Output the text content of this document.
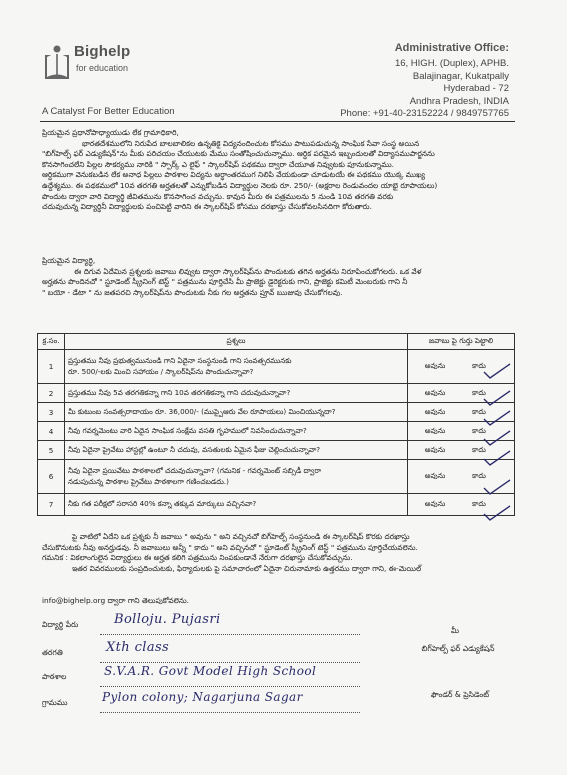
Bighelp
for education
A Catalyst For Better Education
Administrative Office:
16, HIGH. (Duplex), APHB.
Balajinagar, Kukatpally
Hyderabad - 72
Andhra Pradesh, INDIA
Phone: +91-40-23152224 / 9849757765
ప్రియమైన ప్రధానోపాధ్యాయుడు లేక గ్రామాధికారి,
భారతదేశములోని నిరుపేద బాలబాలికల ఉన్నతికై విద్యనందించుట కోసము పాటుపడుచున్న సాంఘిక సేవా సంస్థ అయిన
"బిగ్‌హెల్ప్ ఫర్ ఎడ్యుకేషన్"ను మీకు పరిచయం చేయుటకు మేము సంతోషించుచున్నాము. ఆర్థిక పరమైన ఇబ్బందులతో విద్యాసముపార్జనను
కొనసాగించలేని పిల్లల సౌకర్యము నారికి " స్పార్క్ ఎ లైఫ్ " స్కాలర్‌షిప్ పథకము ద్వారా చేయూత నివ్వుటకు పూనుకున్నాము.
ఆర్థికముగా వెనుకబడిన లేక అనాధ పిల్లలు పాఠశాల విద్యను అర్థాంతరముగ నిలిపి వేయకుండా చూడుటయే ఈ పథకము యొక్క ముఖ్య
ఉద్దేశ్యము. ఈ పథకములో 10వ తరగతి అర్హతలతో ఎన్నుకోబడిన విద్యార్థుల నెలకు రూ. 250/- (అక్షరాల రెండువందల యాభై రూపాయలు)
పొందుట ద్వారా వారి విద్యార్థి జీవితమును కొనసాగించ వచ్చును. కావున మీరు ఈ పత్రములను 5 నుండి 10వ తరగతి వరకు
చదువుచున్న విద్యార్థినీ విద్యార్థులకు పంచిపెట్టి వారిని ఈ స్కాలర్‌షిప్ కోసము దరఖాస్తు చేసుకోవలసినదిగా కోరుతారు.
ప్రియమైన విద్యార్థి,
ఈ దిగువ ఏదేమిన ప్రశ్నలకు జవాబు లివ్వుట ద్వారా స్కాలర్‌షిప్‌ను పొందుటకు తగిన అర్హతను నిరూపించుకోగలరు. ఒక వేళ
అర్హతను పొందినచో " స్టూడెంట్ స్క్రీనింగ్ టెస్ట్ " పత్రమును పూర్తిచేసి మీ ప్రాజెక్టు డైరెక్టరుకు గాని, ప్రాజెక్టు కమిటీ మెంబరుకు గాని నీ
" బయో - డేటా " ను జతపరచి స్కాలర్‌షిప్‌ను పొందుటకు నీకు గల అర్హతను ప్రూవ్ ఋజువు చేసుకోగలవు.
క్ర.సం.	ప్రశ్నలు	జవాబు పై గుర్తు పెట్టాలి
1	ప్రస్తుతము నీవు ప్రభుత్వమునుండి గాని ఏదైనా సంస్థనుండి గాని సంవత్సరమునకు
రూ. 500/-లకు మించి సహాయం / స్కాలర్‌షిప్‌ను పొందుచున్నావా?	అవును కాదు
2	ప్రస్తుతము నీవు 5వ తరగతికన్నా గాని 10వ తరగతికన్నా గాని చదువుచున్నావా?	అవును కాదు
3	మీ కుటుంబ సంవత్సరాదాయం రూ. 36,000/- (ముప్పైఆరు వేల రూపాయలు) మించియున్నదా?	అవును కాదు
4	నీవు గవర్నమెంటు వారి ఏదైన సాంఘిక సంక్షేమ వసతి గృహములో నివసించుచున్నావా?	అవును కాదు
5	నీవు ఏదైనా ప్రైవేటు హాస్టల్లో ఉంటూ నీ చదువు, వసతులకు ఏమైన ఫీజు చెల్లించుచున్నావా?	అవును కాదు
6	నీవు ఏదైనా ప్రయివేటు పాఠశాలలో చదువుచున్నావా? (గమనిక - గవర్నమెంట్ సబ్సిడీ ద్వారా
నడుపుచున్న పాఠశాల ప్రైవేటు పాఠశాలగా గణించబడదు.)	అవును కాదు
7	నీకు గత పరీక్షలో సరాసరి 40% కన్నా తక్కువ మార్కులు వచ్చినవా?	అవును కాదు
పై వాటిలో ఏదేని ఒక ప్రశ్నకు నీ జవాబు " అవును " అని వచ్చినచో బిగ్‌హెల్ప్ సంస్థనుండి ఈ స్కాలర్‌షిప్ కొరకు దరఖాస్తు
చేసుకొనుటకు నీవు అనర్హుడవు. నీ జవాబులు అన్నీ " కాదు " అని వచ్చినచో " స్టూడెంట్ స్క్రీనింగ్ టెస్ట్ " పత్రమును పూర్తిచేయవలెను.
గమనిక : వికలాంగులైన విద్యార్థులు ఈ అర్హత కలిగి పత్రమును నింపకుండానే నేరుగా దరఖాస్తు చేసుకోవచ్చును.
ఇతర వివరములకు సంప్రదించుటకు, ఫిర్యాదులకు పై సమాచారంలో ఏదైనా చిరునామాకు ఉత్తరము ద్వారా గాని, ఈ-మెయిల్
info@bighelp.org ద్వారా గాని తెలుపుకోవలెను.
విద్యార్థి పేరు	Bolloju. Pujasri
తరగతి	Xth class
పాఠశాల	S.V.A.R. Govt Model High School
గ్రామము	Pylon colony; Nagarjuna Sagar
మీ
బిగ్‌హెల్ప్ ఫర్ ఎడ్యుకేషన్
ఫౌండర్ & ప్రెసిడెంట్
